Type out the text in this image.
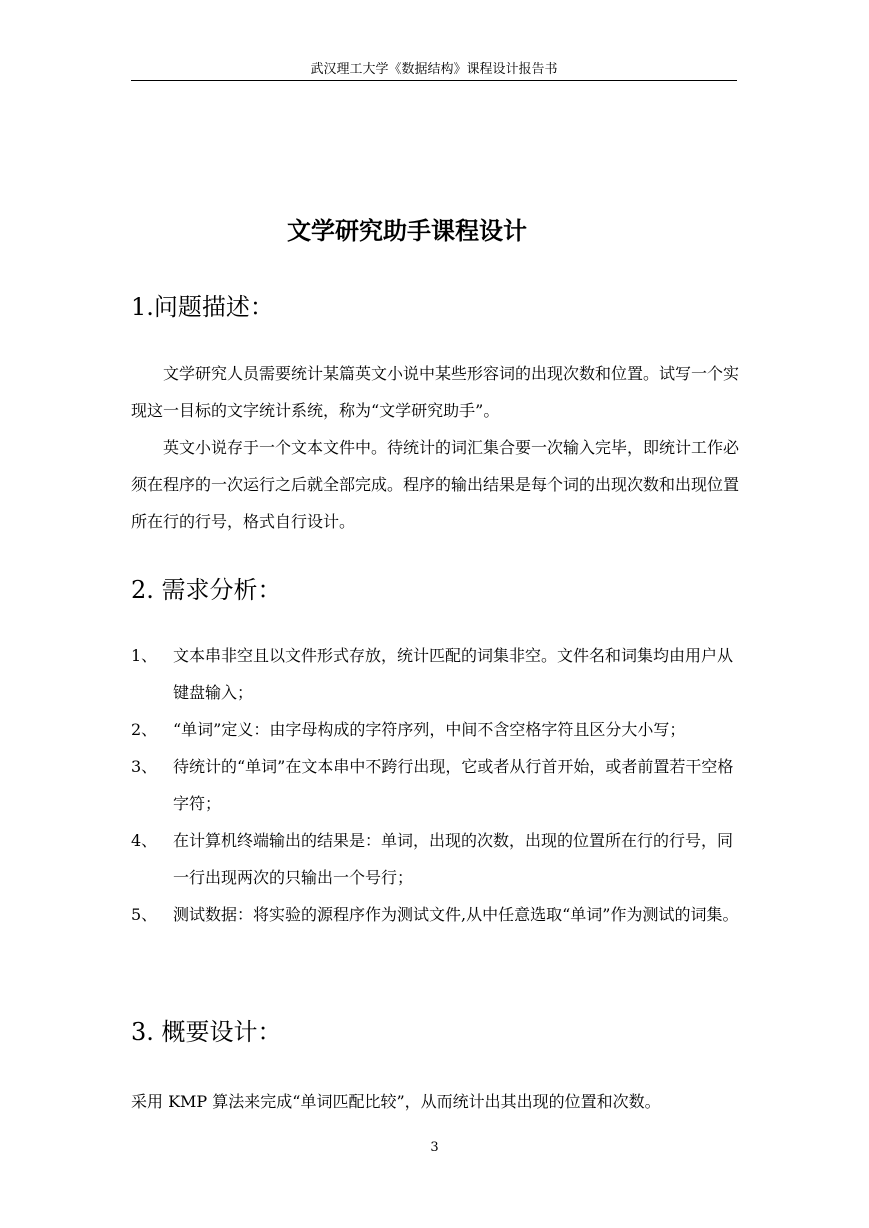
武汉理工大学《数据结构》课程设计报告书
文学研究助手课程设计
1.问题描述：

文学研究人员需要统计某篇英文小说中某些形容词的出现次数和位置。试写一个实现这一目标的文字统计系统，称为“文学研究助手”。

英文小说存于一个文本文件中。待统计的词汇集合要一次输入完毕，即统计工作必须在程序的一次运行之后就全部完成。程序的输出结果是每个词的出现次数和出现位置所在行的行号，格式自行设计。

2. 需求分析：
1、 文本串非空且以文件形式存放，统计匹配的词集非空。文件名和词集均由用户从键盘输入；
2、 “单词”定义：由字母构成的字符序列，中间不含空格字符且区分大小写；
3、 待统计的“单词”在文本串中不跨行出现，它或者从行首开始，或者前置若干空格字符；
4、 在计算机终端输出的结果是：单词，出现的次数，出现的位置所在行的行号，同一行出现两次的只输出一个号行；
5、 测试数据：将实验的源程序作为测试文件,从中任意选取“单词”作为测试的词集。
3. 概要设计：
采用 KMP 算法来完成“单词匹配比较”，从而统计出其出现的位置和次数。
3
